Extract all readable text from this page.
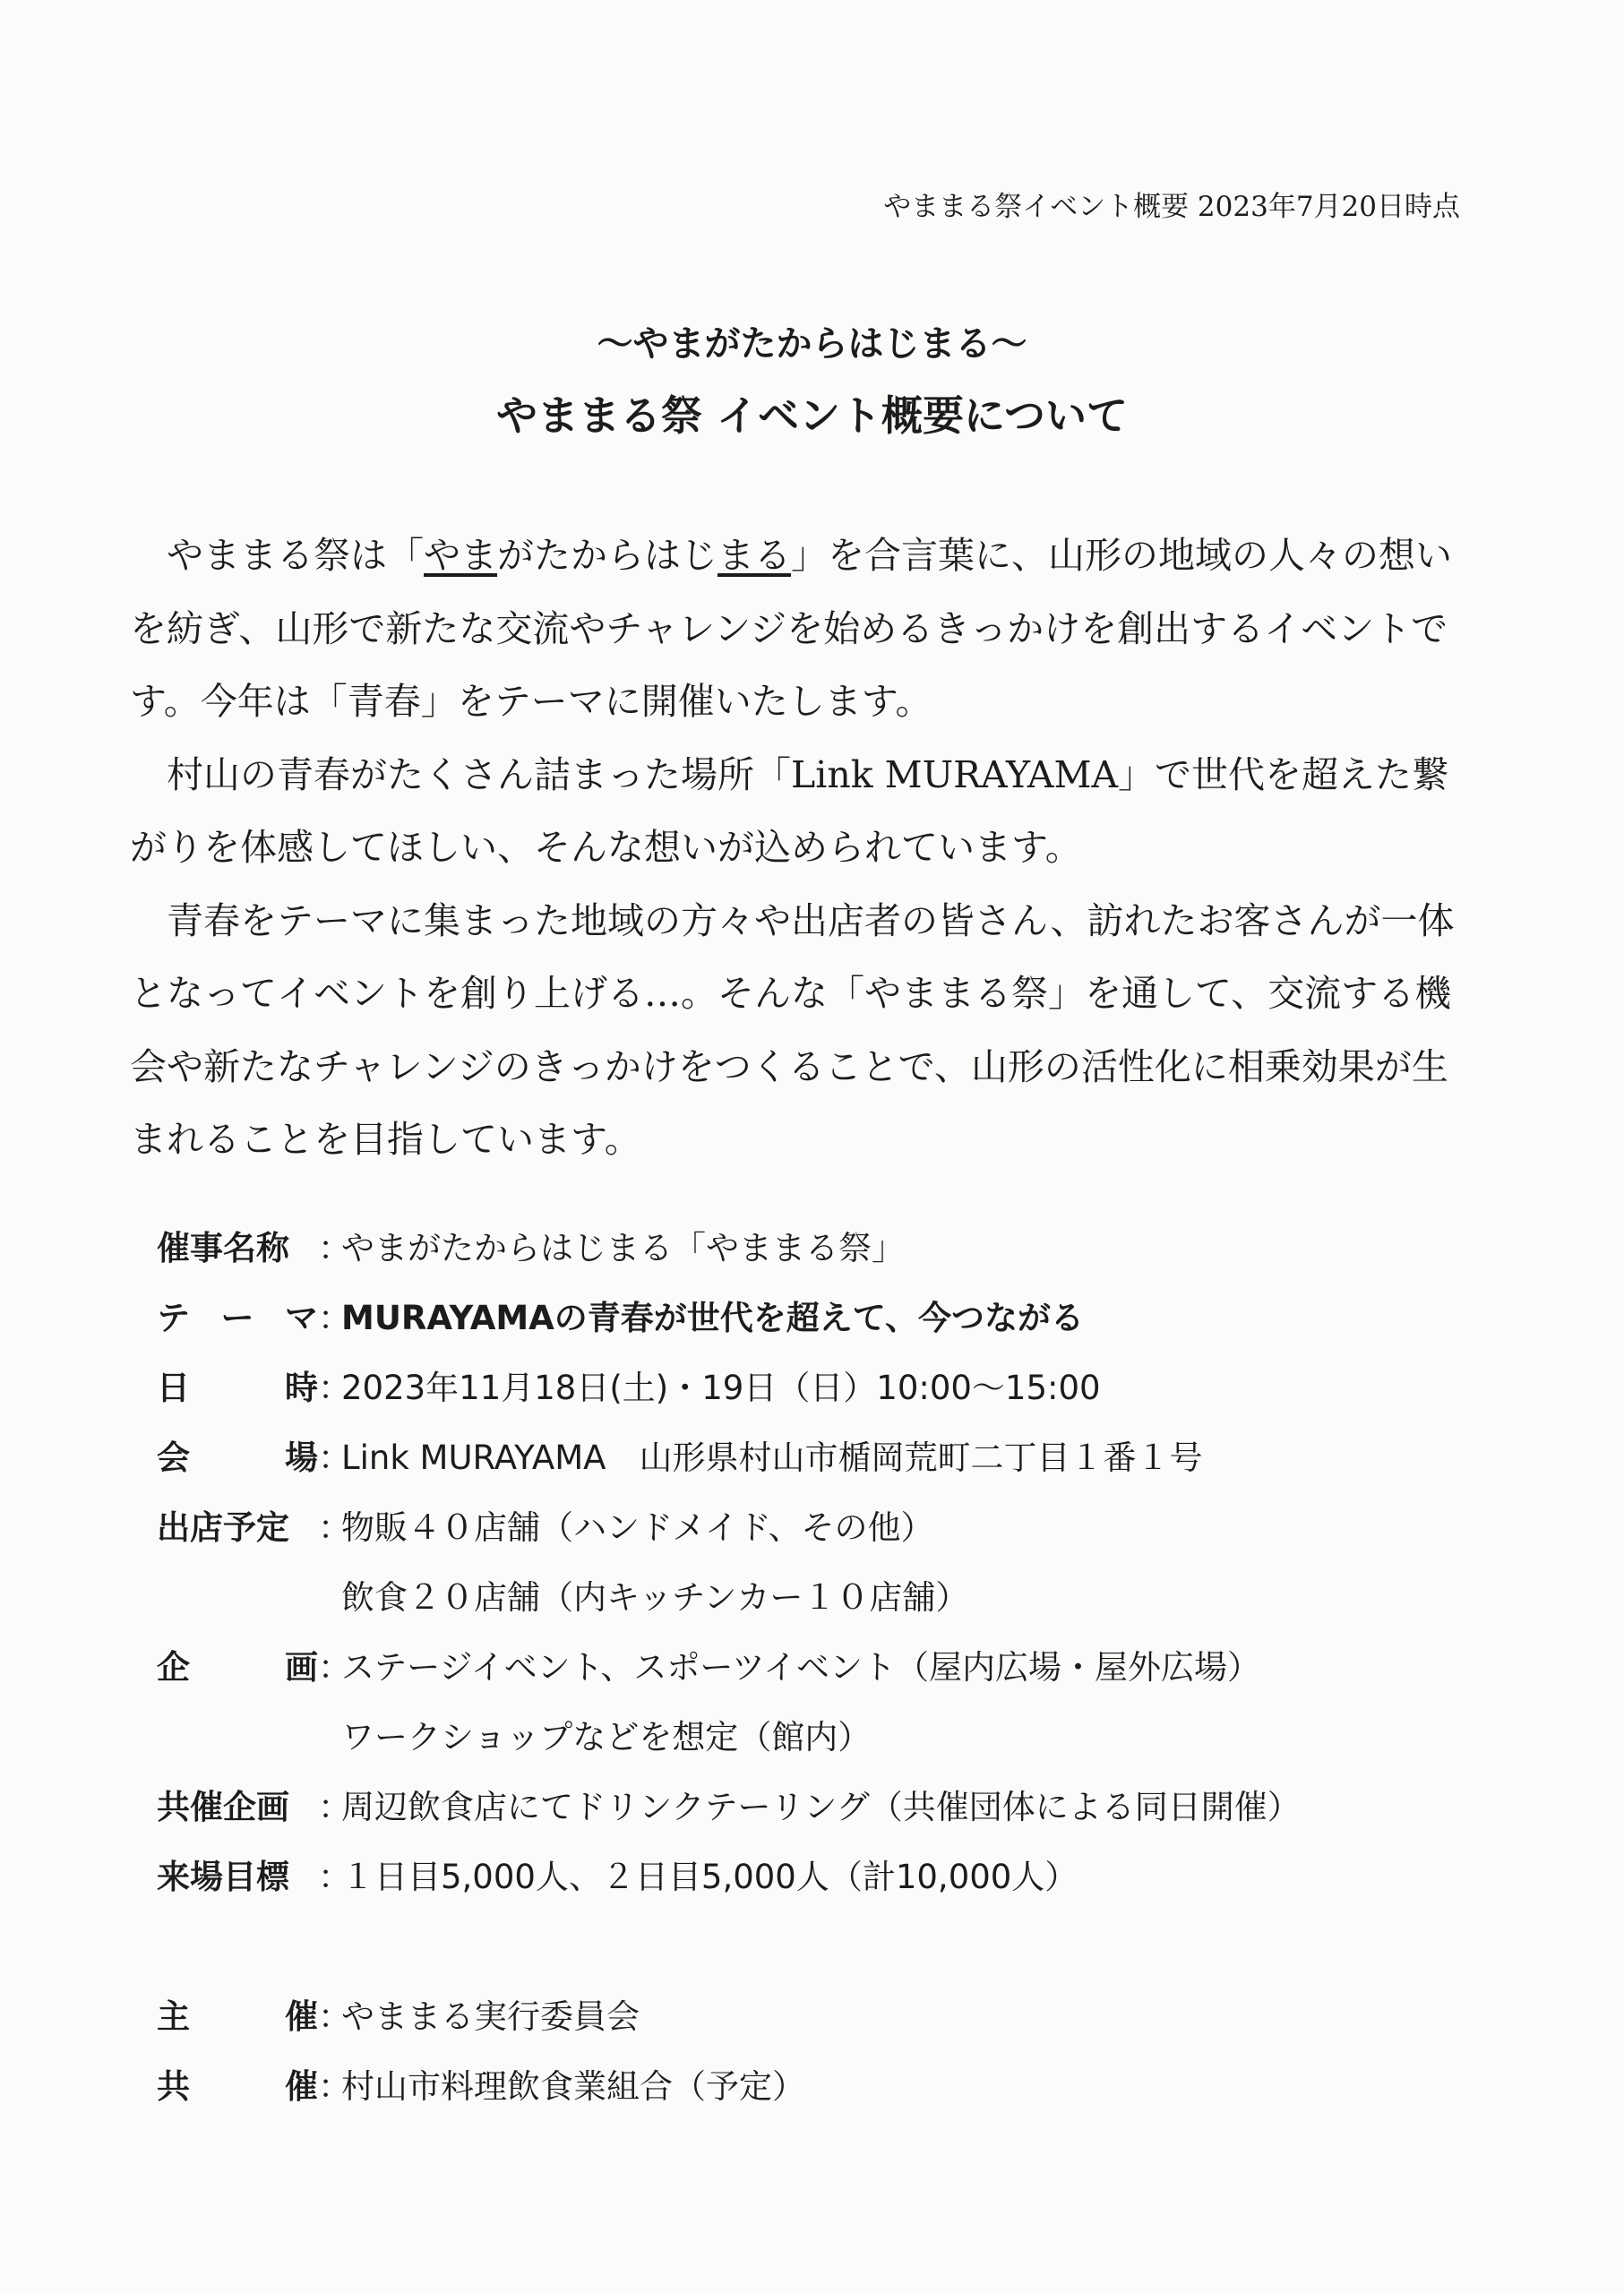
やままる祭イベント概要 2023年7月20日時点
～やまがたからはじまる～
やままる祭 イベント概要について

やままる祭は「やまがたからはじまる」を合言葉に、山形の地域の人々の想いを紡ぎ、山形で新たな交流やチャレンジを始めるきっかけを創出するイベントです。今年は「青春」をテーマに開催いたします。

村山の青春がたくさん詰まった場所「Link MURAYAMA」で世代を超えた繋がりを体感してほしい、そんな想いが込められています。

青春をテーマに集まった地域の方々や出店者の皆さん、訪れたお客さんが一体となってイベントを創り上げる…。そんな「やままる祭」を通して、交流する機会や新たなチャレンジのきっかけをつくることで、山形の活性化に相乗効果が生まれることを目指しています。

催事名称 ：
やまがたからはじまる「やままる祭」
テ ー マ ：
MURAYAMAの青春が世代を超えて、今つながる
日	時 ：
2023年11月18日(土)・19日（日）10:00～15:00
会	場 ：
Link MURAYAMA　山形県村山市楯岡荒町二丁目１番１号
出店予定 ：
物販４０店舗（ハンドメイド、その他）
飲食２０店舗（内キッチンカー１０店舗）
企	画 ：
ステージイベント、スポーツイベント（屋内広場・屋外広場）
ワークショップなどを想定（館内）
共催企画 ：
周辺飲食店にてドリンクテーリング（共催団体による同日開催）
来場目標 ：
１日目5,000人、２日目5,000人（計10,000人）
主	催 ：
やままる実行委員会
共	催 ：
村山市料理飲食業組合（予定）
